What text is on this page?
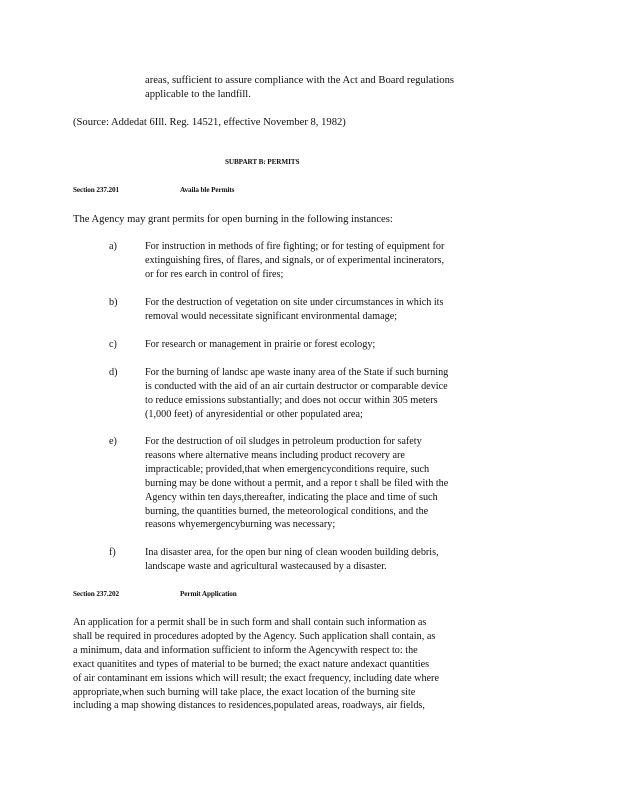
areas, sufficient to assure compliance with the Act and Board regulations
applicable to the landfill.
(Source: Addedat 6Ill. Reg. 14521, effective November 8, 1982)
SUBPART B: PERMITS
Section 237.201	Availa ble Permits
The Agency may grant permits for open burning in the following instances:
a)	For instruction in methods of fire fighting; or for testing of equipment for
extinguishing fires, of flares, and signals, or of experimental incinerators,
or for res earch in control of fires;
b)	For the destruction of vegetation on site under circumstances in which its
removal would necessitate significant environmental damage;
c)	For research or management in prairie or forest ecology;
d)	For the burning of landsc ape waste inany area of the State if such burning
is conducted with the aid of an air curtain destructor or comparable device
to reduce emissions substantially; and does not occur within 305 meters
(1,000 feet) of anyresidential or other populated area;
e)	For the destruction of oil sludges in petroleum production for safety
reasons where alternative means including product recovery are
impracticable; provided,that when emergencyconditions require, such
burning may be done without a permit, and a repor t shall be filed with the
Agency within ten days,thereafter, indicating the place and time of such
burning, the quantities burned, the meteorological conditions, and the
reasons whyemergencyburning was necessary;
f)	Ina disaster area, for the open bur ning of clean wooden building debris,
landscape waste and agricultural wastecaused by a disaster.
Section 237.202	Permit Application
An application for a permit shall be in such form and shall contain such information as
shall be required in procedures adopted by the Agency. Such application shall contain, as
a minimum, data and information sufficient to inform the Agencywith respect to: the
exact quanitites and types of material to be burned; the exact nature andexact quantities
of air contaminant em issions which will result; the exact frequency, including date where
appropriate,when such burning will take place, the exact location of the burning site
including a map showing distances to residences,populated areas, roadways, air fields,
